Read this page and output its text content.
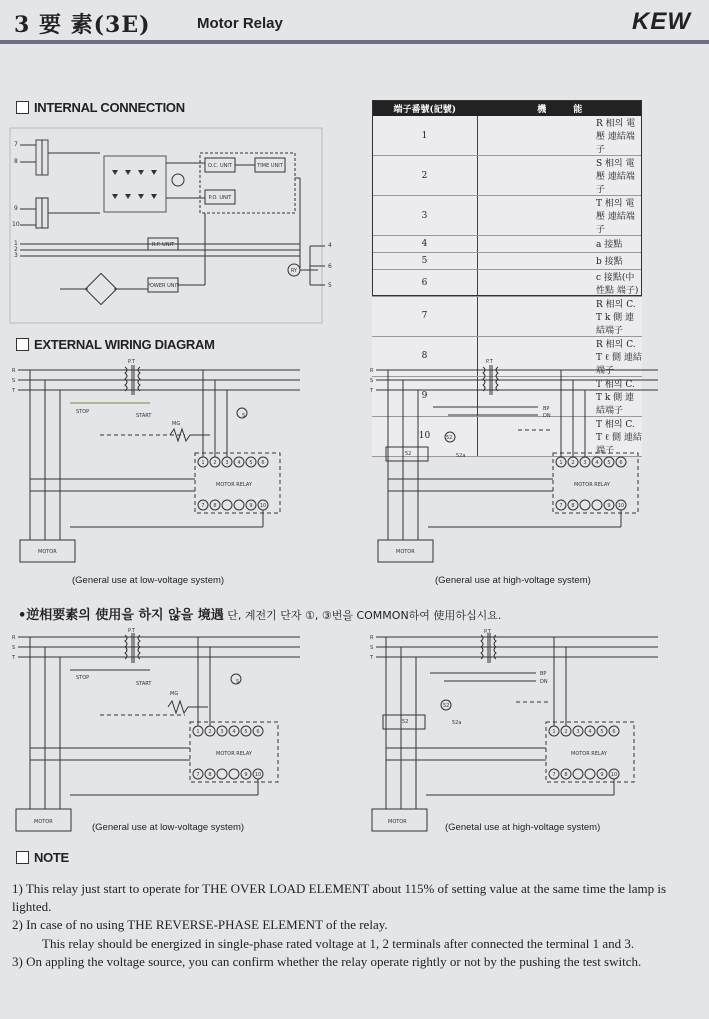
3 要 素(3E)	Motor Relay	KEW
INTERNAL CONNECTION
O.C. UNIT	TIME UNIT
P.O. UNIT
R.P. UNIT
POWER UNIT
RY
7
8
9
10
1
2
3
4
6
5
端子番號(記號)	機　　　能
1	R 相의 電壓 連結端子
2	S 相의 電壓 連結端子
3	T 相의 電壓 連結端子
4	a 接點
5	b 接點
6	c 接點(中性點 端子)
7	R 相의 C. T k 側 連結端子
8	R 相의 C. T ℓ 側 連結端子
9	T 相의 C. T k 側 連結端子
10	T 相의 C. T ℓ 側 連結端子
EXTERNAL WIRING DIAGRAM
R
S
T
P.T
STOP
START
MG
S
MOTOR RELAY
MOTOR
1 2 3 4 5 6
7 8	9 10
(General use at low-voltage system)
R
S
T
P.T
BP
DN
52
52
52a
MOTOR RELAY
MOTOR
1 2 3 4 5 6
7 8	9 10
(General use at high-voltage system)
•逆相要素의 使用을 하지 않을 境遇 단, 계전기 단자 ①, ③번을 COMMON하여 使用하십시요.
R
S
T
P.T
STOP
START
MG
S
MOTOR RELAY
MOTOR
1 2 3 4 5 6
7 8	9 10
(General use at low-voltage system)
R
S
T
P.T
BP
DN
52
52
52a
MOTOR RELAY
MOTOR
1 2 3 4 5 6
7 8	9 10
(Genetal use at high-voltage system)
NOTE

1) This relay just start to operate for THE OVER LOAD ELEMENT about 115% of setting value at the same time the lamp is lighted.

2) In case of no using THE REVERSE-PHASE ELEMENT of the relay.

This relay should be energized in single-phase rated voltage at 1, 2 terminals after connected the terminal 1 and 3.

3) On appling the voltage source, you can confirm whether the relay operate rightly or not by the pushing the test switch.
